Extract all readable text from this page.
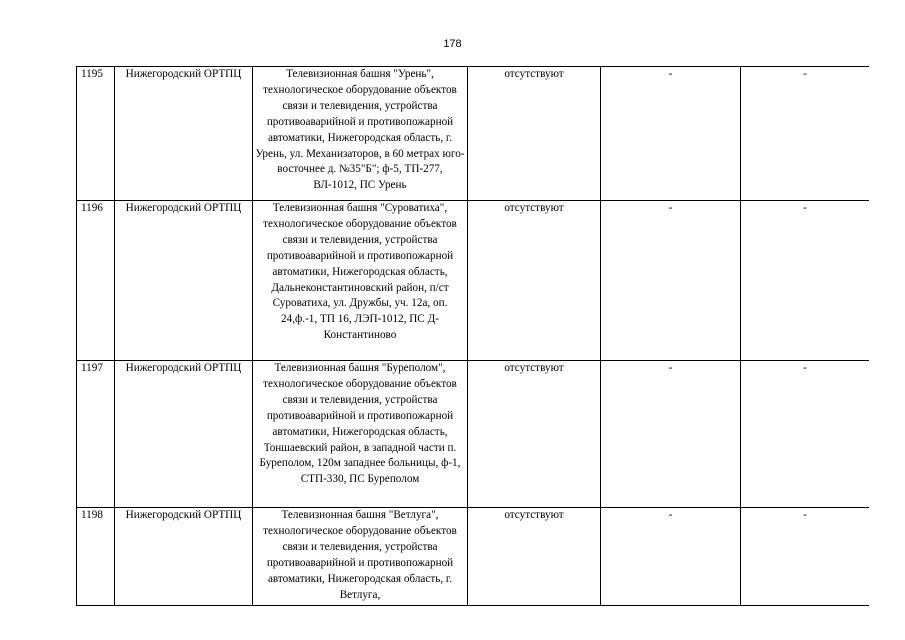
178
1195	Нижегородский ОРТПЦ	Телевизионная башня "Урень", технологическое оборудование объектов связи и телевидения, устройства противоаварийной и противопожарной автоматики, Нижегородская область, г. Урень, ул. Механизаторов, в 60 метрах юго-восточнее д. №35"Б"; ф-5, ТП-277, ВЛ-1012, ПС Урень	отсутствуют	-	-
1196	Нижегородский ОРТПЦ	Телевизионная башня "Суроватиха", технологическое оборудование объектов связи и телевидения, устройства противоаварийной и противопожарной автоматики, Нижегородская область, Дальнеконстантиновский район, п/ст Суроватиха, ул. Дружбы, уч. 12а, оп. 24,ф.-1, ТП 16, ЛЭП-1012, ПС Д-Константиново	отсутствуют	-	-
1197	Нижегородский ОРТПЦ	Телевизионная башня "Буреполом", технологическое оборудование объектов связи и телевидения, устройства противоаварийной и противопожарной автоматики, Нижегородская область, Тоншаевский район, в западной части п. Буреполом, 120м западнее больницы, ф-1, СТП-330, ПС Буреполом	отсутствуют	-	-
1198	Нижегородский ОРТПЦ	Телевизионная башня "Ветлуга", технологическое оборудование объектов связи и телевидения, устройства противоаварийной и противопожарной автоматики, Нижегородская область, г. Ветлуга,	отсутствуют	-	-
